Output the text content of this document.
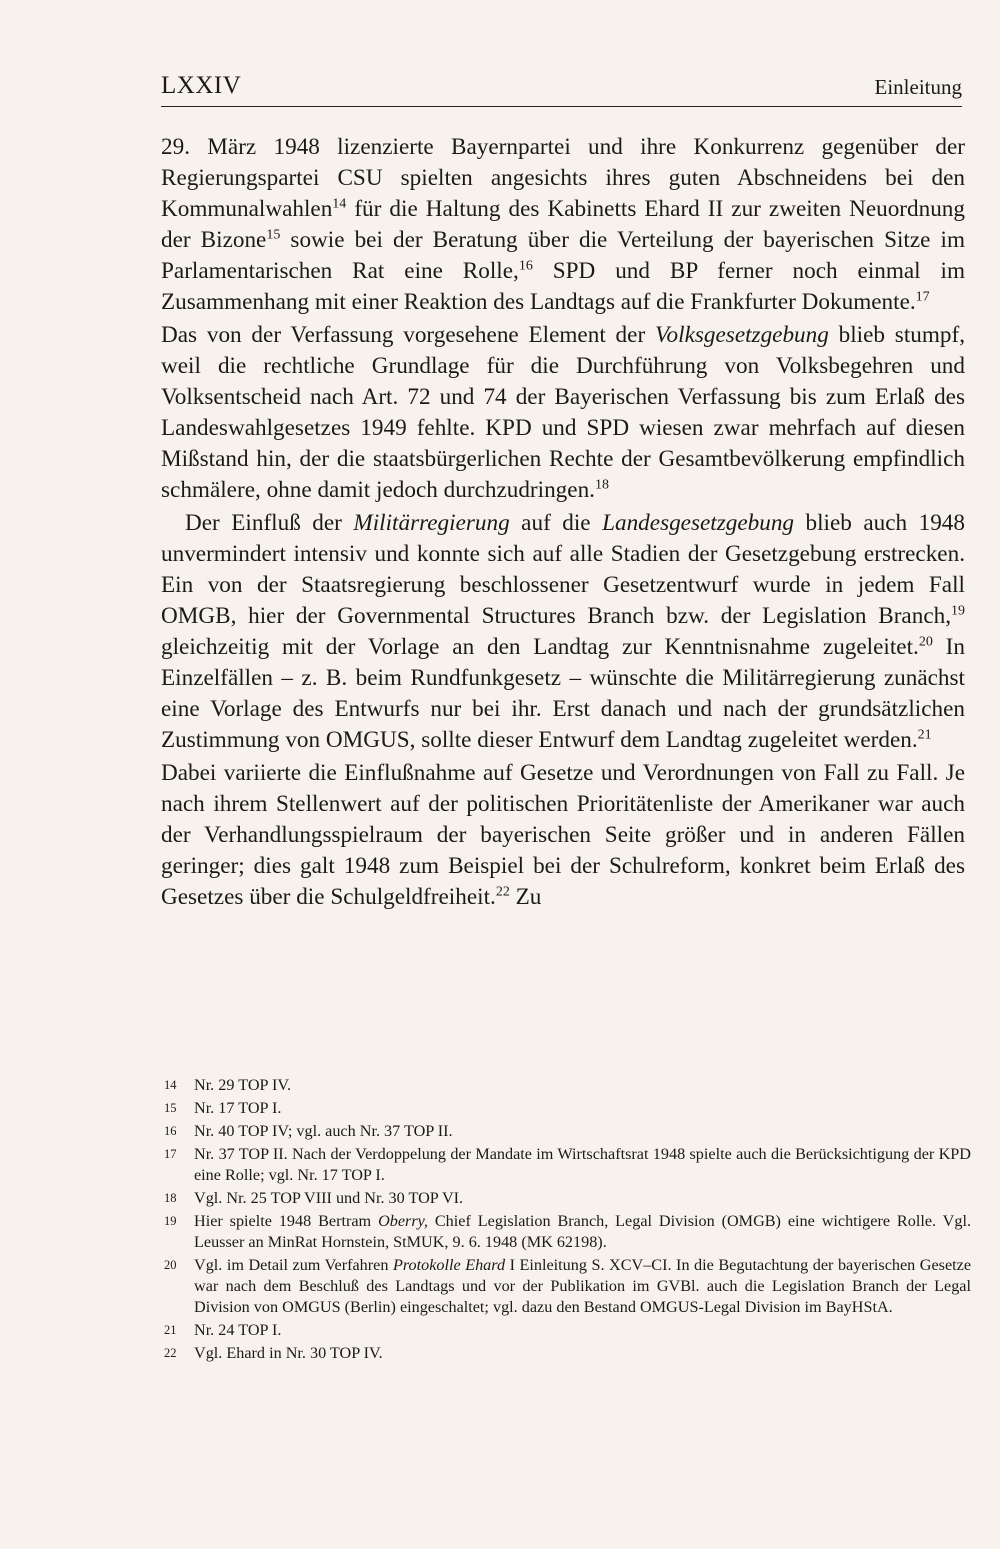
LXXIV	Einleitung

29. März 1948 lizenzierte Bayernpartei und ihre Konkurrenz gegenüber der Regierungspartei CSU spielten angesichts ihres guten Abschneidens bei den Kommunalwahlen$^{14}$ für die Haltung des Kabinetts Ehard II zur zweiten Neuordnung der Bizone$^{15}$ sowie bei der Beratung über die Verteilung der bayerischen Sitze im Parlamentarischen Rat eine Rolle,$^{16}$ SPD und BP ferner noch einmal im Zusammenhang mit einer Reaktion des Landtags auf die Frankfurter Dokumente.$^{17}$

Das von der Verfassung vorgesehene Element der Volksgesetzgebung blieb stumpf, weil die rechtliche Grundlage für die Durchführung von Volksbegehren und Volksentscheid nach Art. 72 und 74 der Bayerischen Verfassung bis zum Erlaß des Landeswahlgesetzes 1949 fehlte. KPD und SPD wiesen zwar mehrfach auf diesen Mißstand hin, der die staatsbürgerlichen Rechte der Gesamtbevölkerung empfindlich schmälere, ohne damit jedoch durchzudringen.$^{18}$

Der Einfluß der Militärregierung auf die Landesgesetzgebung blieb auch 1948 unvermindert intensiv und konnte sich auf alle Stadien der Gesetzgebung erstrecken. Ein von der Staatsregierung beschlossener Gesetzentwurf wurde in jedem Fall OMGB, hier der Governmental Structures Branch bzw. der Legislation Branch,$^{19}$ gleichzeitig mit der Vorlage an den Landtag zur Kenntnisnahme zugeleitet.$^{20}$ In Einzelfällen – z. B. beim Rundfunkgesetz – wünschte die Militärregierung zunächst eine Vorlage des Entwurfs nur bei ihr. Erst danach und nach der grundsätzlichen Zustimmung von OMGUS, sollte dieser Entwurf dem Landtag zugeleitet werden.$^{21}$

Dabei variierte die Einflußnahme auf Gesetze und Verordnungen von Fall zu Fall. Je nach ihrem Stellenwert auf der politischen Prioritätenliste der Amerikaner war auch der Verhandlungsspielraum der bayerischen Seite größer und in anderen Fällen geringer; dies galt 1948 zum Beispiel bei der Schulreform, konkret beim Erlaß des Gesetzes über die Schulgeldfreiheit.$^{22}$ Zu

14 Nr. 29 TOP IV.
15 Nr. 17 TOP I.
16 Nr. 40 TOP IV; vgl. auch Nr. 37 TOP II.
17 Nr. 37 TOP II. Nach der Verdoppelung der Mandate im Wirtschaftsrat 1948 spielte auch die Berücksichtigung der KPD eine Rolle; vgl. Nr. 17 TOP I.
18 Vgl. Nr. 25 TOP VIII und Nr. 30 TOP VI.
19 Hier spielte 1948 Bertram Oberry, Chief Legislation Branch, Legal Division (OMGB) eine wichtigere Rolle. Vgl. Leusser an MinRat Hornstein, StMUK, 9. 6. 1948 (MK 62198).
20 Vgl. im Detail zum Verfahren Protokolle Ehard I Einleitung S. XCV–CI. In die Begutachtung der bayerischen Gesetze war nach dem Beschluß des Landtags und vor der Publikation im GVBl. auch die Legislation Branch der Legal Division von OMGUS (Berlin) eingeschaltet; vgl. dazu den Bestand OMGUS-Legal Division im BayHStA.
21 Nr. 24 TOP I.
22 Vgl. Ehard in Nr. 30 TOP IV.
